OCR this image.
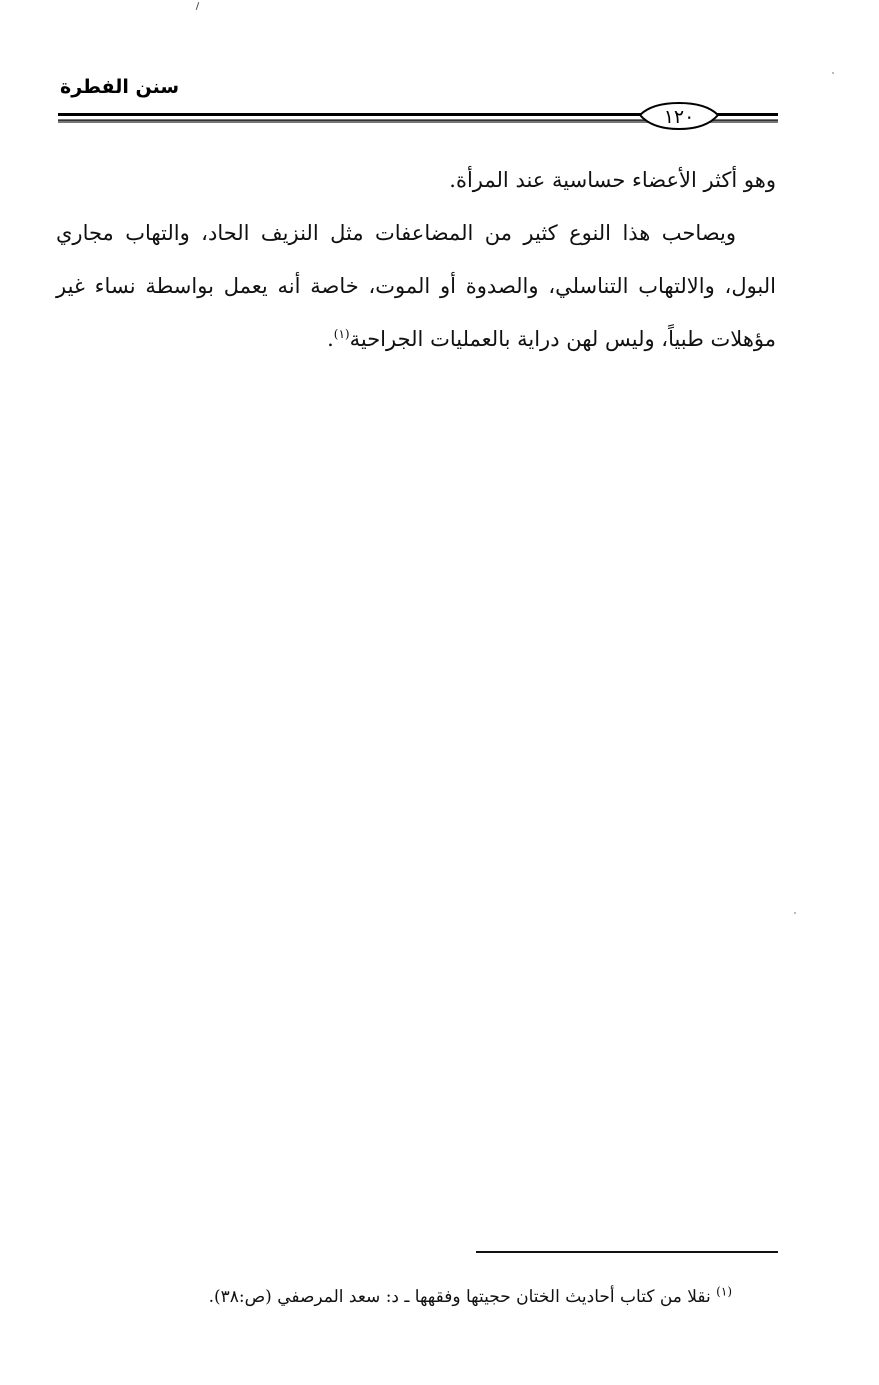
سنن الفطرة
١٢٠

وهو أكثر الأعضاء حساسية عند المرأة.

ويصاحب هذا النوع كثير من المضاعفات مثل النزيف الحاد، والتهاب مجاري البول، والالتهاب التناسلي، والصدوة أو الموت، خاصة أنه يعمل بواسطة نساء غير مؤهلات طبياً، وليس لهن دراية بالعمليات الجراحية$^{(١)}$.

$^{(١)}$ نقلا من كتاب أحاديث الختان حجيتها وفقهها ـ د: سعد المرصفي (ص:٣٨).
